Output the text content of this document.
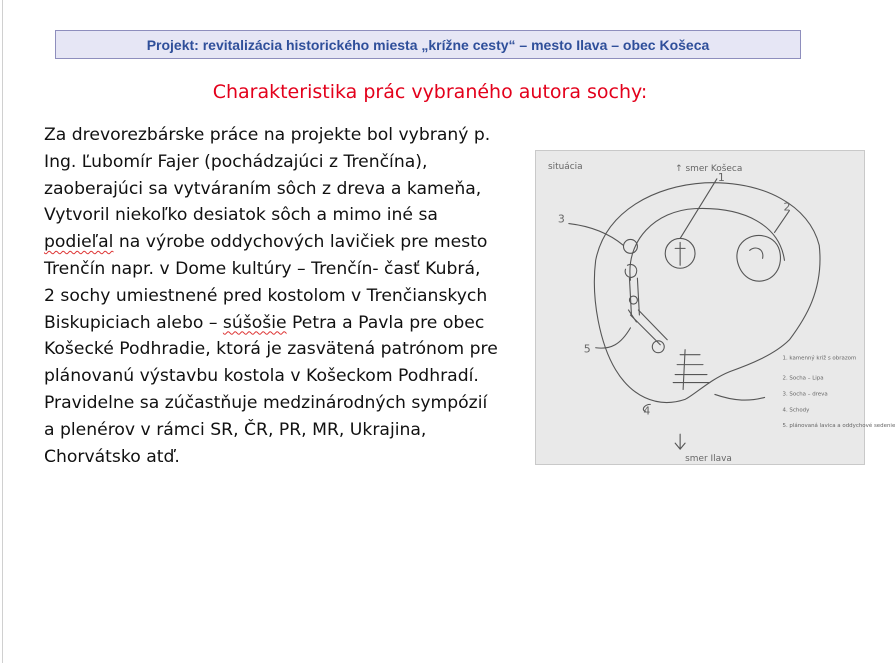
Projekt: revitalizácia historického miesta „krížne cesty“ – mesto Ilava – obec Košeca
Charakteristika prác vybraného autora sochy:
Za drevorezbárske práce na projekte bol vybraný p.
Ing. Ľubomír Fajer (pochádzajúci z Trenčína),
zaoberajúci sa vytváraním sôch z dreva a kameňa,
Vytvoril niekoľko desiatok sôch a mimo iné sa
podieľal na výrobe oddychových lavičiek pre mesto
Trenčín napr. v Dome kultúry – Trenčín- časť Kubrá,
2 sochy umiestnené pred kostolom v Trenčianskych
Biskupiciach alebo – súšošie Petra a Pavla pre obec
Košecké Podhradie, ktorá je zasvätená patrónom pre
plánovanú výstavbu kostola v Košeckom Podhradí.
Pravidelne sa zúčastňuje medzinárodných sympózií
a plenérov v rámci SR, ČR, PR, MR, Ukrajina,
Chorvátsko atď.
situácia	↑ smer Košeca
smer Ilava
1
2
3
4
5
1. kamenný kríž s obrazom
2. Socha – Lipa
3. Socha – dreva
4. Schody
5. plánovaná lavica a oddychové sedenie
